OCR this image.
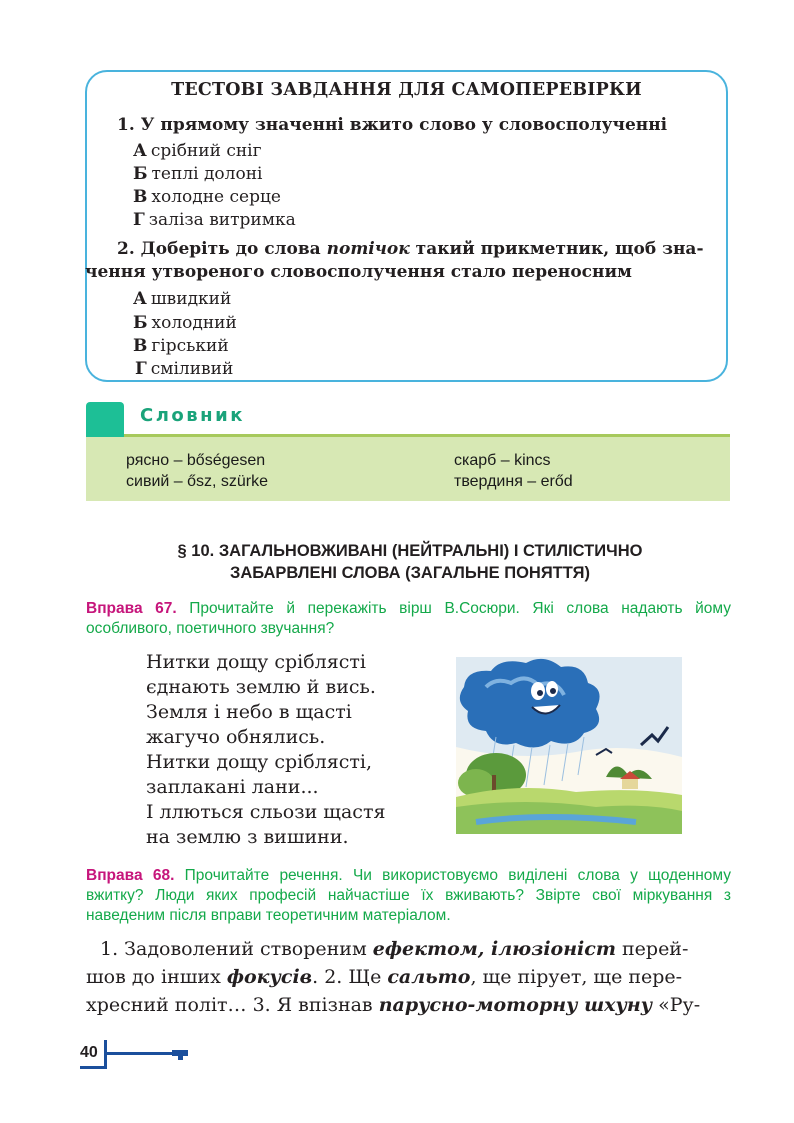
ТЕСТОВІ ЗАВДАННЯ ДЛЯ САМОПЕРЕВІРКИ
1. У прямому значенні вжито слово у словосполученні
А срібний сніг
Б теплі долоні
В холодне серце
Г заліза витримка
2. Доберіть до слова потічок такий прикметник, щоб зна-
чення утвореного словосполучення стало переносним
А швидкий
Б холодний
В гірський
Г сміливий
Словник
рясно – bőségesen
сивий – ősz, szürke
скарб – kincs
твердиня – erőd
§ 10. ЗАГАЛЬНОВЖИВАНІ (НЕЙТРАЛЬНІ) І СТИЛІСТИЧНО
ЗАБАРВЛЕНІ СЛОВА (ЗАГАЛЬНЕ ПОНЯТТЯ)
Вправа 67. Прочитайте й перекажіть вірш В.Сосюри. Які слова надають йому особливого, поетичного звучання?
Нитки дощу сріблясті
єднають землю й вись.
Земля і небо в щасті
жагучо обнялись.
Нитки дощу сріблясті,
заплакані лани...
І ллються сльози щастя
на землю з вишини.
Вправа 68. Прочитайте речення. Чи використовуємо виділені слова у щоденному вжитку? Люди яких професій найчастіше їх вживають? Звірте свої міркування з наведеним після вправи теоретичним матеріалом.
1. Задоволений створеним ефектом, ілюзіоніст перей-
шов до інших фокусів. 2. Ще сальто, ще пірует, ще пере-
хресний політ… 3. Я впізнав парусно-моторну шхуну «Ру-
40
